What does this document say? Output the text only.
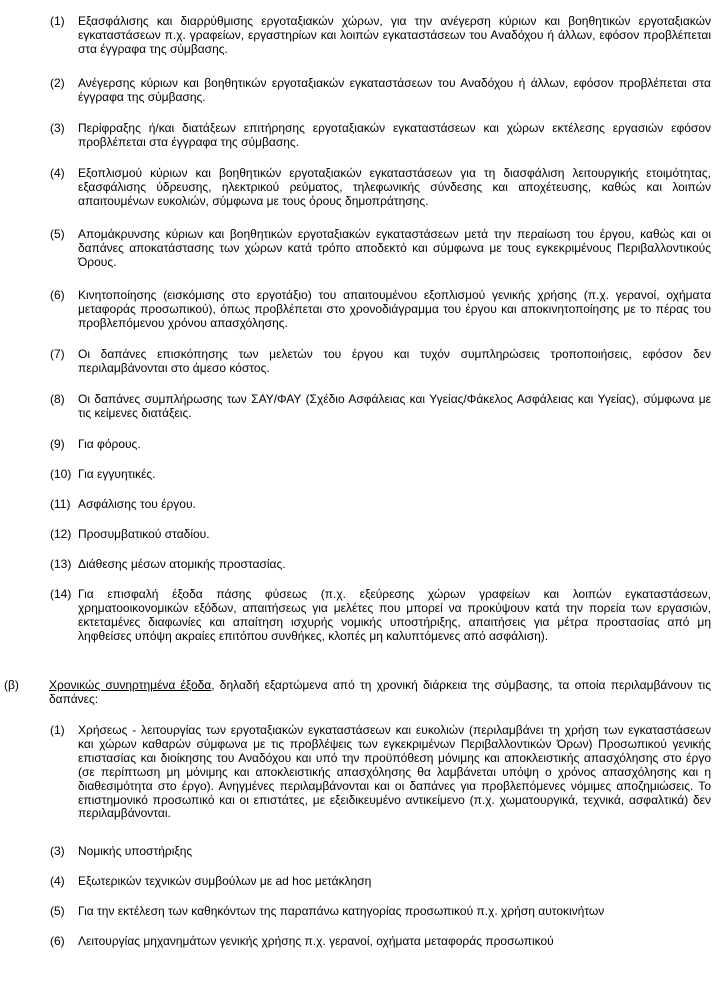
(1)	Εξασφάλισης και διαρρύθμισης εργοταξιακών χώρων, για την ανέγερση κύριων και βοηθητικών εργοταξιακών εγκαταστάσεων π.χ. γραφείων, εργαστηρίων και λοιπών εγκαταστάσεων του Αναδόχου ή άλλων, εφόσον προβλέπεται στα έγγραφα της σύμβασης.
(2)	Ανέγερσης κύριων και βοηθητικών εργοταξιακών εγκαταστάσεων του Αναδόχου ή άλλων, εφόσον προβλέπεται στα έγγραφα της σύμβασης.
(3)	Περίφραξης ή/και διατάξεων επιτήρησης εργοταξιακών εγκαταστάσεων και χώρων εκτέλεσης εργασιών εφόσον προβλέπεται στα έγγραφα της σύμβασης.
(4)	Εξοπλισμού κύριων και βοηθητικών εργοταξιακών εγκαταστάσεων για τη διασφάλιση λειτουργικής ετοιμότητας, εξασφάλισης ύδρευσης, ηλεκτρικού ρεύματος, τηλεφωνικής σύνδεσης και αποχέτευσης, καθώς και λοιπών απαιτουμένων ευκολιών, σύμφωνα με τους όρους δημοπράτησης.
(5)	Απομάκρυνσης κύριων και βοηθητικών εργοταξιακών εγκαταστάσεων μετά την περαίωση του έργου, καθώς και οι δαπάνες αποκατάστασης των χώρων κατά τρόπο αποδεκτό και σύμφωνα με τους εγκεκριμένους Περιβαλλοντικούς Όρους.
(6)	Κινητοποίησης (εισκόμισης στο εργοτάξιο) του απαιτουμένου εξοπλισμού γενικής χρήσης (π.χ. γερανοί, οχήματα μεταφοράς προσωπικού), όπως προβλέπεται στο χρονοδιάγραμμα του έργου και αποκινητοποίησης με το πέρας του προβλεπόμενου χρόνου απασχόλησης.
(7)	Οι δαπάνες επισκόπησης των μελετών του έργου και τυχόν συμπληρώσεις τροποποιήσεις, εφόσον δεν περιλαμβάνονται στο άμεσο κόστος.
(8)	Οι δαπάνες συμπλήρωσης των ΣΑΥ/ΦΑΥ (Σχέδιο Ασφάλειας και Υγείας/Φάκελος Ασφάλειας και Υγείας), σύμφωνα με τις κείμενες διατάξεις.
(9)	Για φόρους.
(10) Για εγγυητικές.
(11) Ασφάλισης του έργου.
(12) Προσυμβατικού σταδίου.
(13) Διάθεσης μέσων ατομικής προστασίας.
(14) Για επισφαλή έξοδα πάσης φύσεως (π.χ. εξεύρεσης χώρων γραφείων και λοιπών εγκαταστάσεων, χρηματοοικονομικών εξόδων, απαιτήσεως για μελέτες που μπορεί να προκύψουν κατά την πορεία των εργασιών, εκτεταμένες διαφωνίες και απαίτηση ισχυρής νομικής υποστήριξης, απαιτήσεις για μέτρα προστασίας από μη ληφθείσες υπόψη ακραίες επιτόπου συνθήκες, κλοπές μη καλυπτόμενες από ασφάλιση).
(β)	Χρονικώς συνηρτημένα έξοδα, δηλαδή εξαρτώμενα από τη χρονική διάρκεια της σύμβασης, τα οποία περιλαμβάνουν τις δαπάνες:
(1)	Χρήσεως - λειτουργίας των εργοταξιακών εγκαταστάσεων και ευκολιών (περιλαμβάνει τη χρήση των εγκαταστάσεων και χώρων καθαρών σύμφωνα με τις προβλέψεις των εγκεκριμένων Περιβαλλοντικών Όρων) Προσωπικού γενικής επιστασίας και διοίκησης του Αναδόχου και υπό την προϋπόθεση μόνιμης και αποκλειστικής απασχόλησης στο έργο (σε περίπτωση μη μόνιμης και αποκλειστικής απασχόλησης θα λαμβάνεται υπόψη ο χρόνος απασχόλησης και η διαθεσιμότητα στο έργο). Ανηγμένες περιλαμβάνονται και οι δαπάνες για προβλεπόμενες νόμιμες αποζημιώσεις. Το επιστημονικό προσωπικό και οι επιστάτες, με εξειδικευμένο αντικείμενο (π.χ. χωματουργικά, τεχνικά, ασφαλτικά) δεν περιλαμβάνονται.
(3)	Νομικής υποστήριξης
(4)	Εξωτερικών τεχνικών συμβούλων με ad hoc μετάκληση
(5)	Για την εκτέλεση των καθηκόντων της παραπάνω κατηγορίας προσωπικού π.χ. χρήση αυτοκινήτων
(6)	Λειτουργίας μηχανημάτων γενικής χρήσης π.χ. γερανοί, οχήματα μεταφοράς προσωπικού
